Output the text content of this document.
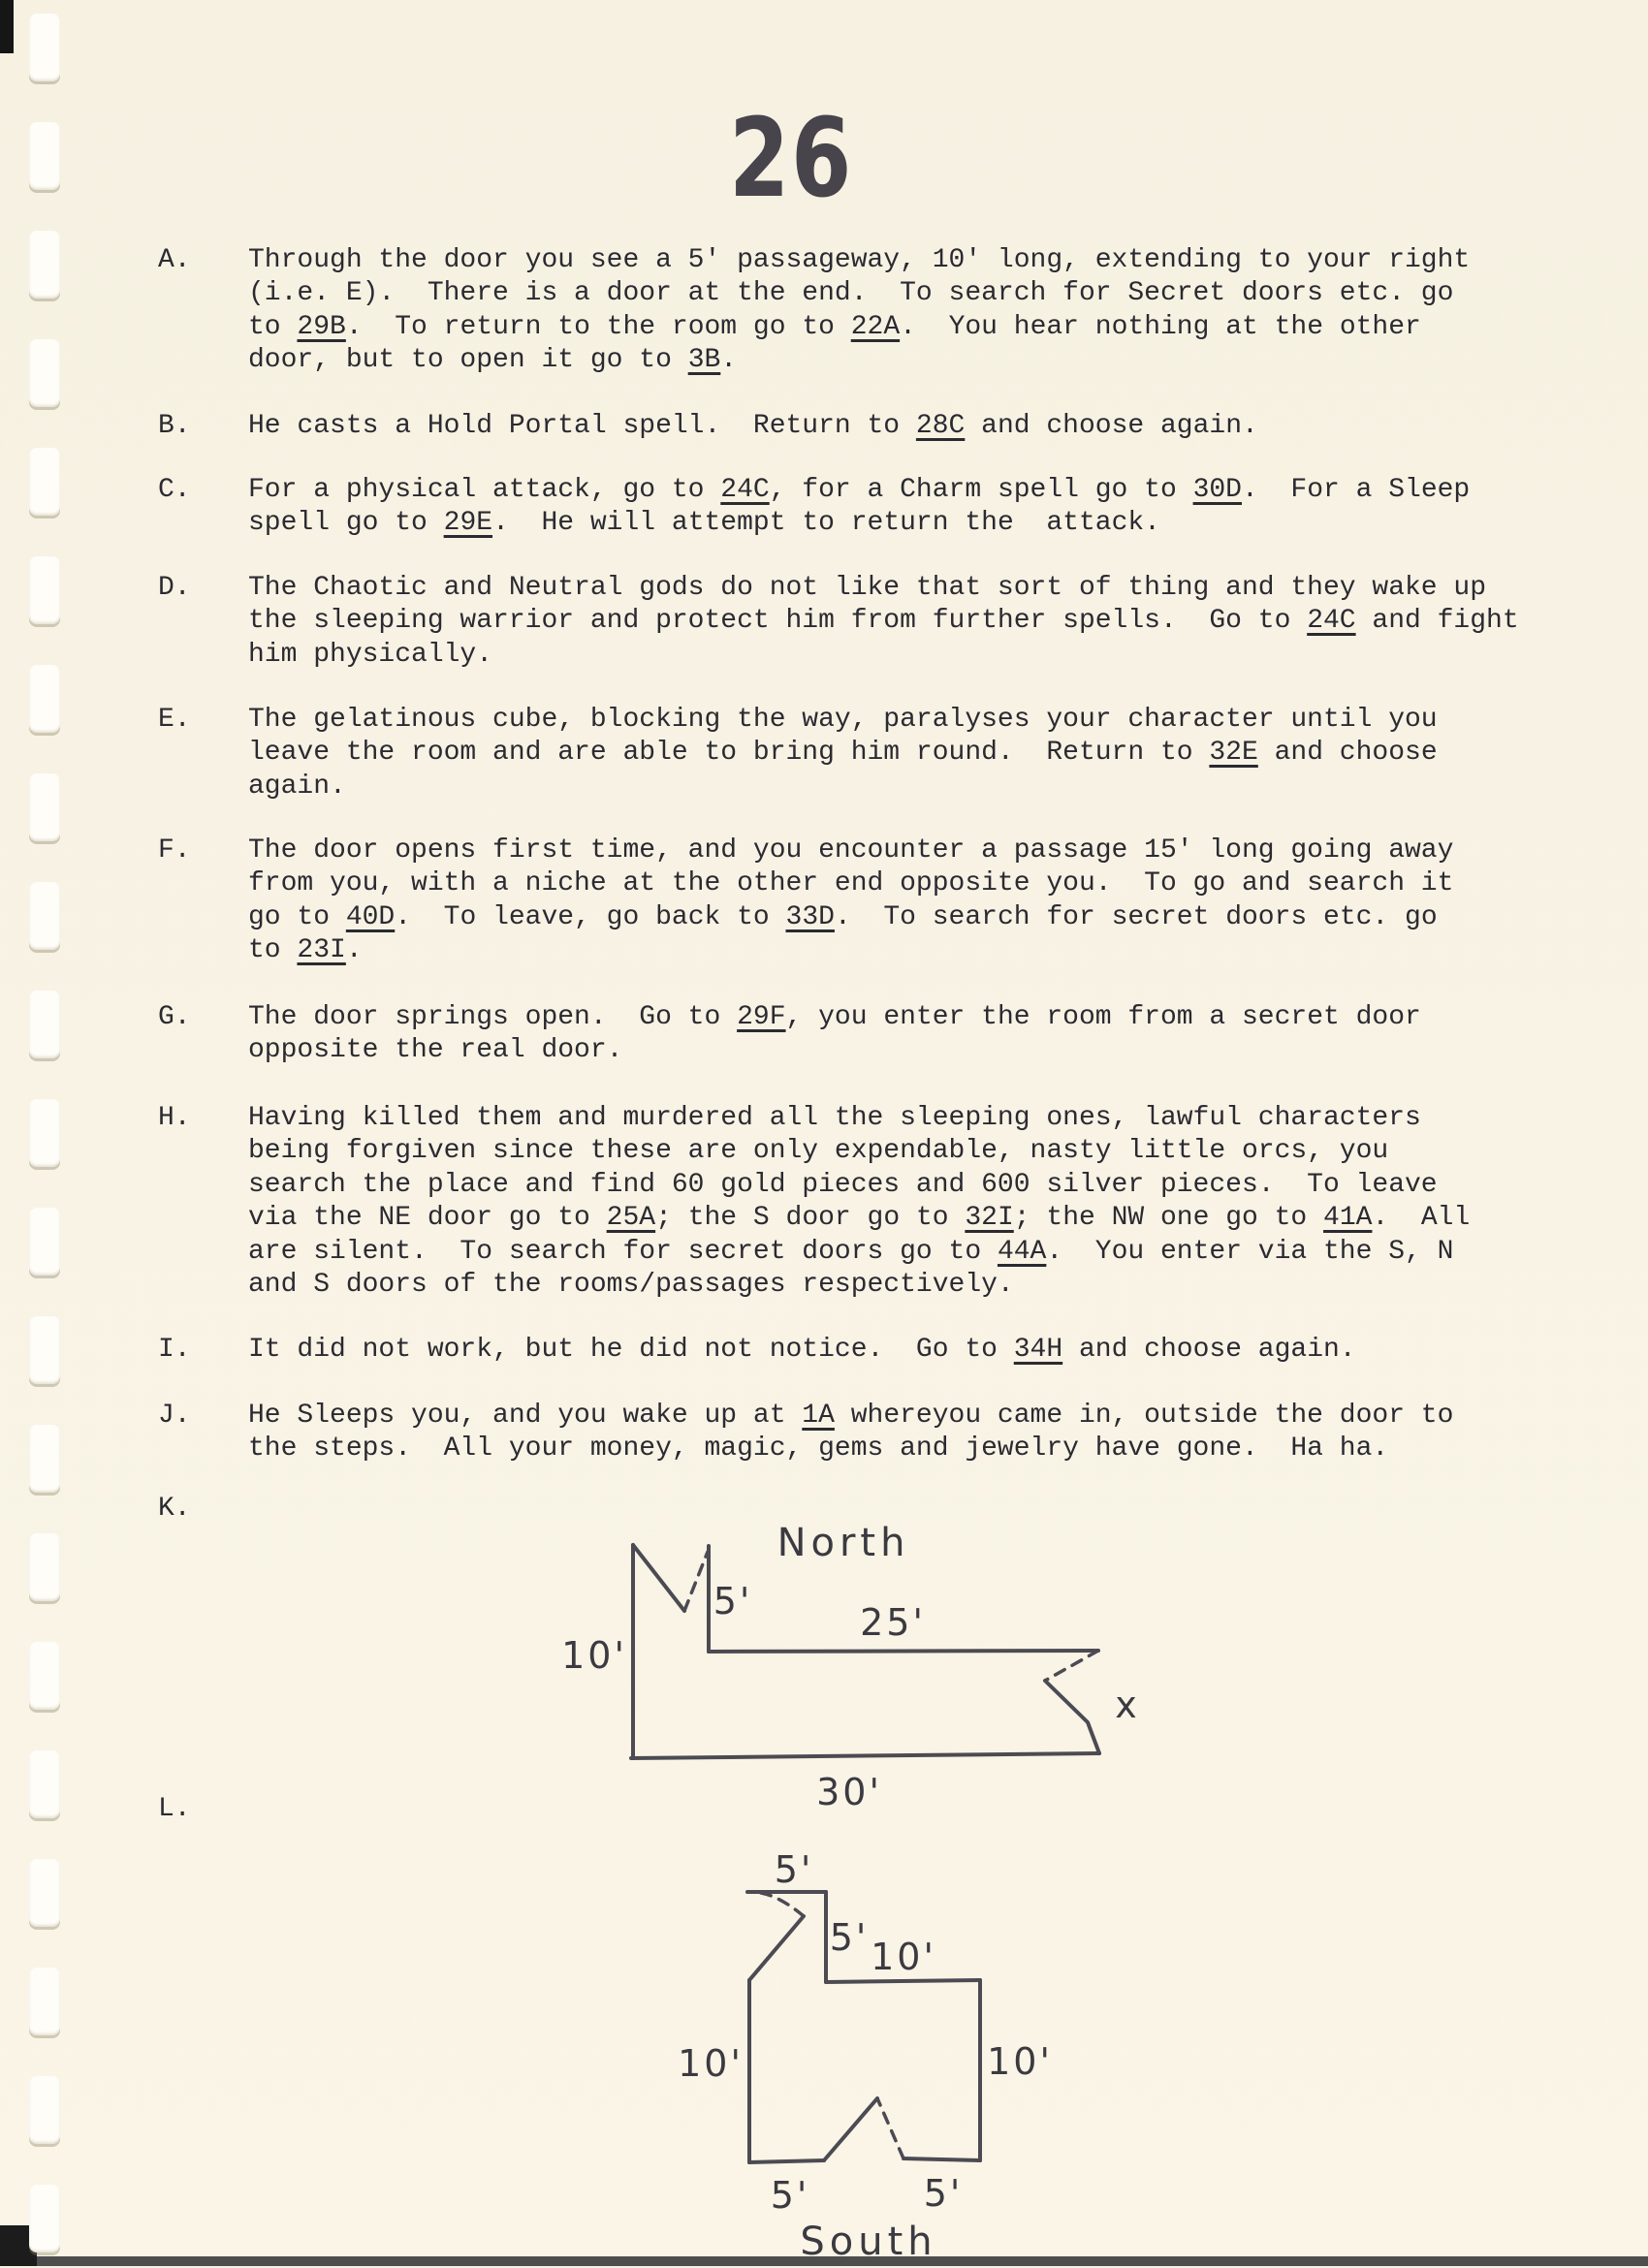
26
A. Through the door you see a 5' passageway, 10' long, extending to your right
(i.e. E).  There is a door at the end.  To search for Secret doors etc. go
to 29B.  To return to the room go to 22A.  You hear nothing at the other
door, but to open it go to 3B.
B. He casts a Hold Portal spell.  Return to 28C and choose again.
C. For a physical attack, go to 24C, for a Charm spell go to 30D.  For a Sleep
spell go to 29E.  He will attempt to return the  attack.
D. The Chaotic and Neutral gods do not like that sort of thing and they wake up
the sleeping warrior and protect him from further spells.  Go to 24C and fight
him physically.
E. The gelatinous cube, blocking the way, paralyses your character until you
leave the room and are able to bring him round.  Return to 32E and choose
again.
F. The door opens first time, and you encounter a passage 15' long going away
from you, with a niche at the other end opposite you.  To go and search it
go to 40D.  To leave, go back to 33D.  To search for secret doors etc. go
to 23I.
G. The door springs open.  Go to 29F, you enter the room from a secret door
opposite the real door.
H. Having killed them and murdered all the sleeping ones, lawful characters
being forgiven since these are only expendable, nasty little orcs, you
search the place and find 60 gold pieces and 600 silver pieces.  To leave
via the NE door go to 25A; the S door go to 32I; the NW one go to 41A.  All
are silent.  To search for secret doors go to 44A.  You enter via the S, N
and S doors of the rooms/passages respectively.
I. It did not work, but he did not notice.  Go to 34H and choose again.
J. He Sleeps you, and you wake up at 1A whereyou came in, outside the door to
the steps.  All your money, magic, gems and jewelry have gone.  Ha ha.
K.
L.
North
5'	25'
10'
30'
x
5'
5' 10'
10'	10'
5'	5'
South
